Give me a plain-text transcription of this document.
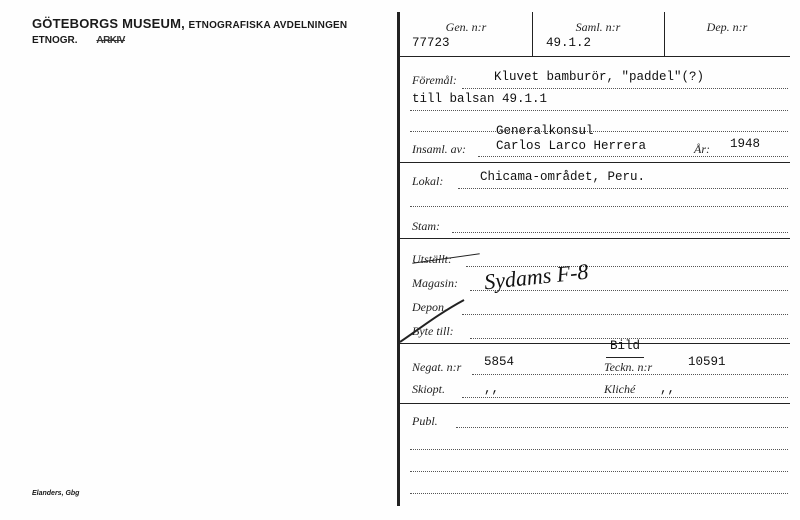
GÖTEBORGS MUSEUM, ETNOGRAFISKA AVDELNINGEN
ETNOGR. ARKIV
Elanders, Gbg
Gen. n:r
77723
Saml. n:r
49.1.2
Dep. n:r
Föremål:	Kluvet bamburör, "paddel"(?)
till balsan 49.1.1
Generalkonsul
Insaml. av: Carlos Larco Herrera	År: 1948
Lokal:	Chicama-området, Peru.
Stam:
Utställt:
Magasin: Sydams F-8
Depon.
Byte till:
Negat. n:r 5854
Bild
Teckn. n:r	10591
Skiopt.	,,	Kliché ,,
Publ.
